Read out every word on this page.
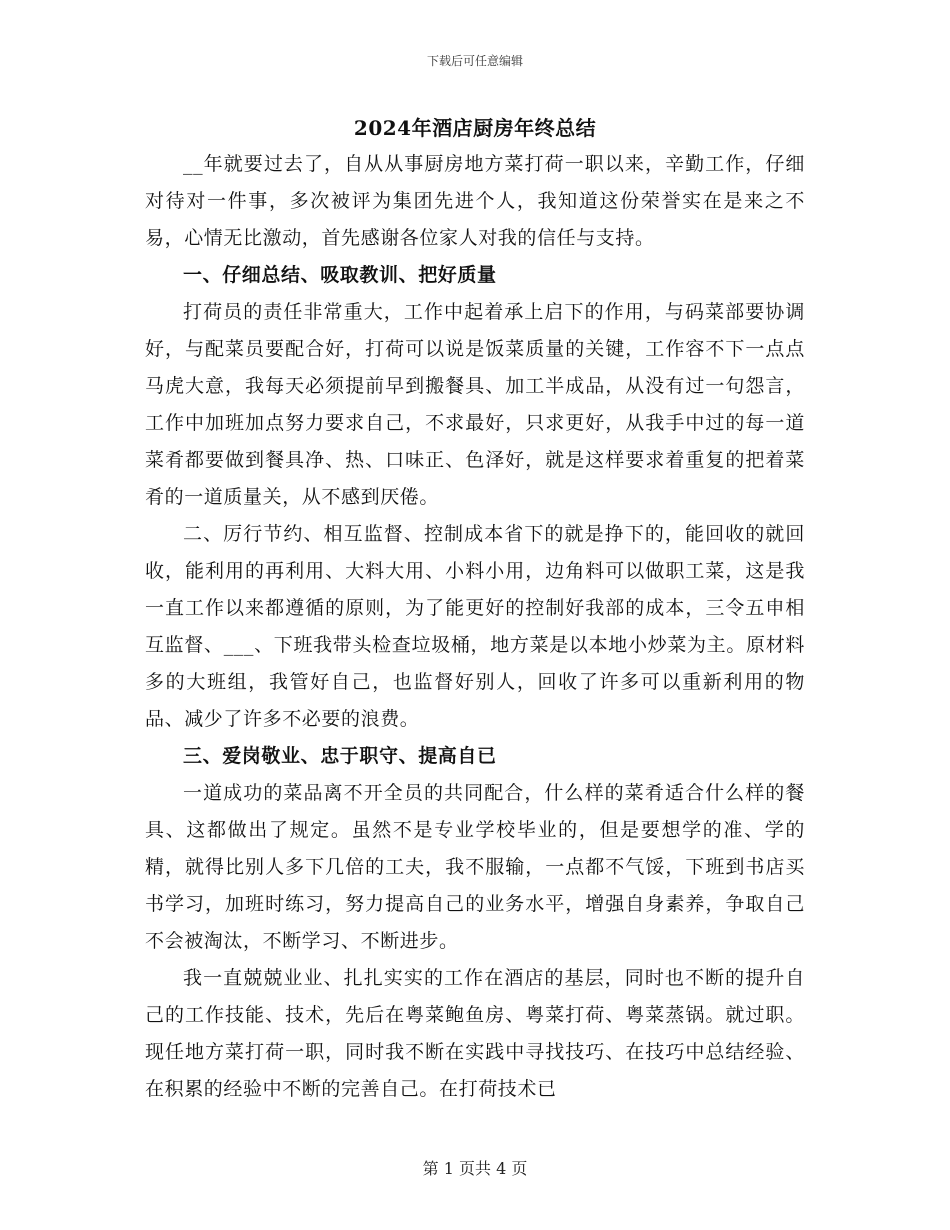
下载后可任意编辑
2024年酒店厨房年终总结

__年就要过去了，自从从事厨房地方菜打荷一职以来，辛勤工作，仔细对待对一件事，多次被评为集团先进个人，我知道这份荣誉实在是来之不易，心情无比激动，首先感谢各位家人对我的信任与支持。

一、仔细总结、吸取教训、把好质量

打荷员的责任非常重大，工作中起着承上启下的作用，与码菜部要协调好，与配菜员要配合好，打荷可以说是饭菜质量的关键，工作容不下一点点马虎大意，我每天必须提前早到搬餐具、加工半成品，从没有过一句怨言，工作中加班加点努力要求自己，不求最好，只求更好，从我手中过的每一道菜肴都要做到餐具净、热、口味正、色泽好，就是这样要求着重复的把着菜肴的一道质量关，从不感到厌倦。

二、厉行节约、相互监督、控制成本省下的就是挣下的，能回收的就回收，能利用的再利用、大料大用、小料小用，边角料可以做职工菜，这是我一直工作以来都遵循的原则，为了能更好的控制好我部的成本，三令五申相互监督、___、下班我带头检查垃圾桶，地方菜是以本地小炒菜为主。原材料多的大班组，我管好自己，也监督好别人，回收了许多可以重新利用的物品、减少了许多不必要的浪费。

三、爱岗敬业、忠于职守、提高自已

一道成功的菜品离不开全员的共同配合，什么样的菜肴适合什么样的餐具、这都做出了规定。虽然不是专业学校毕业的，但是要想学的准、学的精，就得比别人多下几倍的工夫，我不服输，一点都不气馁，下班到书店买书学习，加班时练习，努力提高自己的业务水平，增强自身素养，争取自己不会被淘汰，不断学习、不断进步。

我一直兢兢业业、扎扎实实的工作在酒店的基层，同时也不断的提升自己的工作技能、技术，先后在粤菜鲍鱼房、粤菜打荷、粤菜蒸锅。就过职。现任地方菜打荷一职，同时我不断在实践中寻找技巧、在技巧中总结经验、在积累的经验中不断的完善自己。在打荷技术已

第 1 页共 4 页
